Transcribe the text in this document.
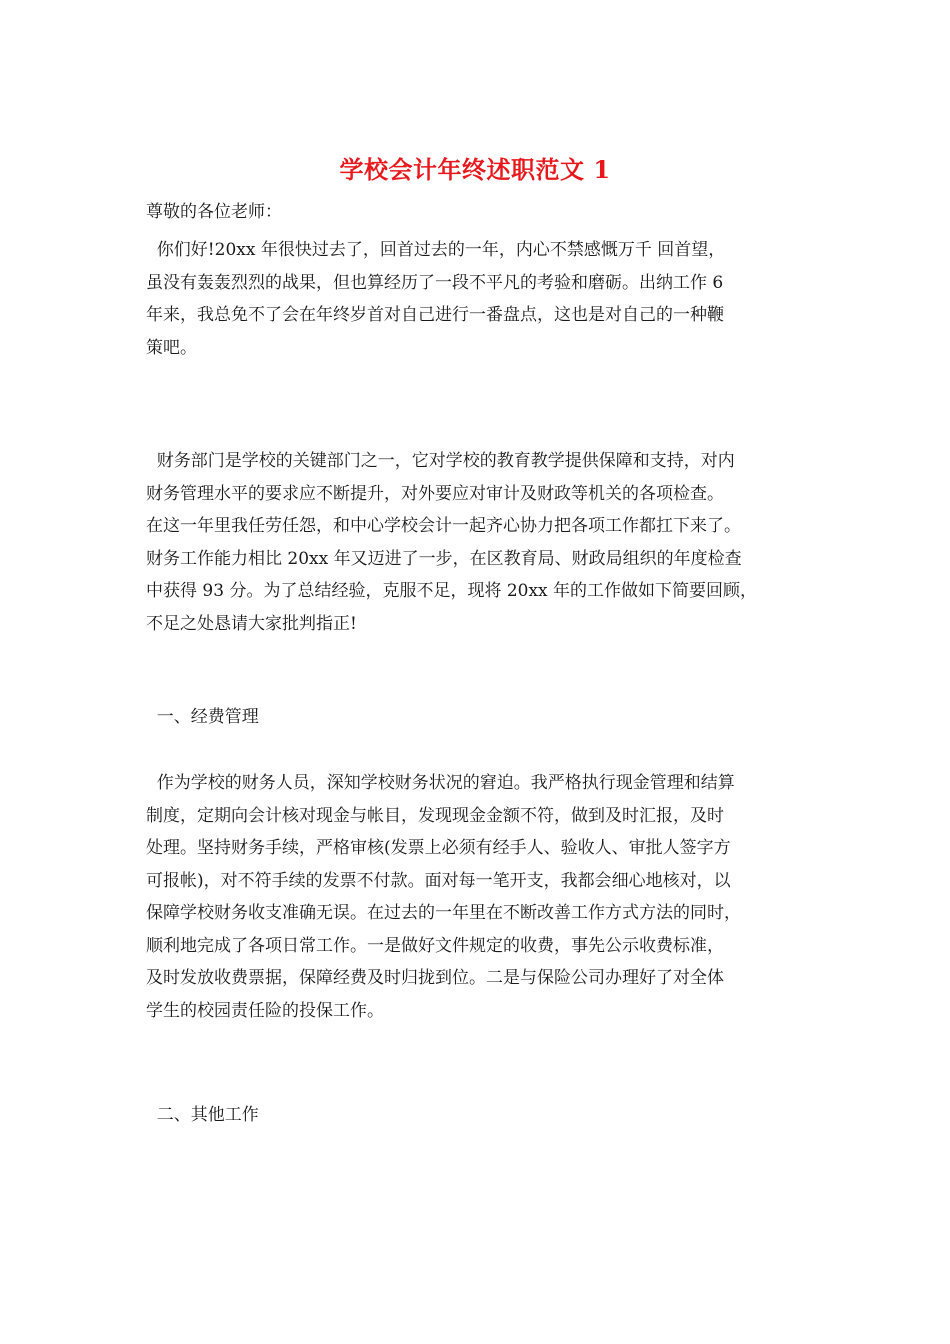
学校会计年终述职范文 1
尊敬的各位老师：

你们好!20xx 年很快过去了，回首过去的一年，内心不禁感慨万千 回首望，
虽没有轰轰烈烈的战果，但也算经历了一段不平凡的考验和磨砺。出纳工作 6
年来，我总免不了会在年终岁首对自己进行一番盘点，这也是对自己的一种鞭
策吧。

财务部门是学校的关键部门之一，它对学校的教育教学提供保障和支持，对内
财务管理水平的要求应不断提升，对外要应对审计及财政等机关的各项检查。
在这一年里我任劳任怨，和中心学校会计一起齐心协力把各项工作都扛下来了。
财务工作能力相比 20xx 年又迈进了一步，在区教育局、财政局组织的年度检查
中获得 93 分。为了总结经验，克服不足，现将 20xx 年的工作做如下简要回顾，
不足之处恳请大家批判指正!

一、经费管理

作为学校的财务人员，深知学校财务状况的窘迫。我严格执行现金管理和结算
制度，定期向会计核对现金与帐目，发现现金金额不符，做到及时汇报，及时
处理。坚持财务手续，严格审核(发票上必须有经手人、验收人、审批人签字方
可报帐)，对不符手续的发票不付款。面对每一笔开支，我都会细心地核对，以
保障学校财务收支准确无误。在过去的一年里在不断改善工作方式方法的同时，
顺利地完成了各项日常工作。一是做好文件规定的收费，事先公示收费标准，
及时发放收费票据，保障经费及时归拢到位。二是与保险公司办理好了对全体
学生的校园责任险的投保工作。

二、其他工作
